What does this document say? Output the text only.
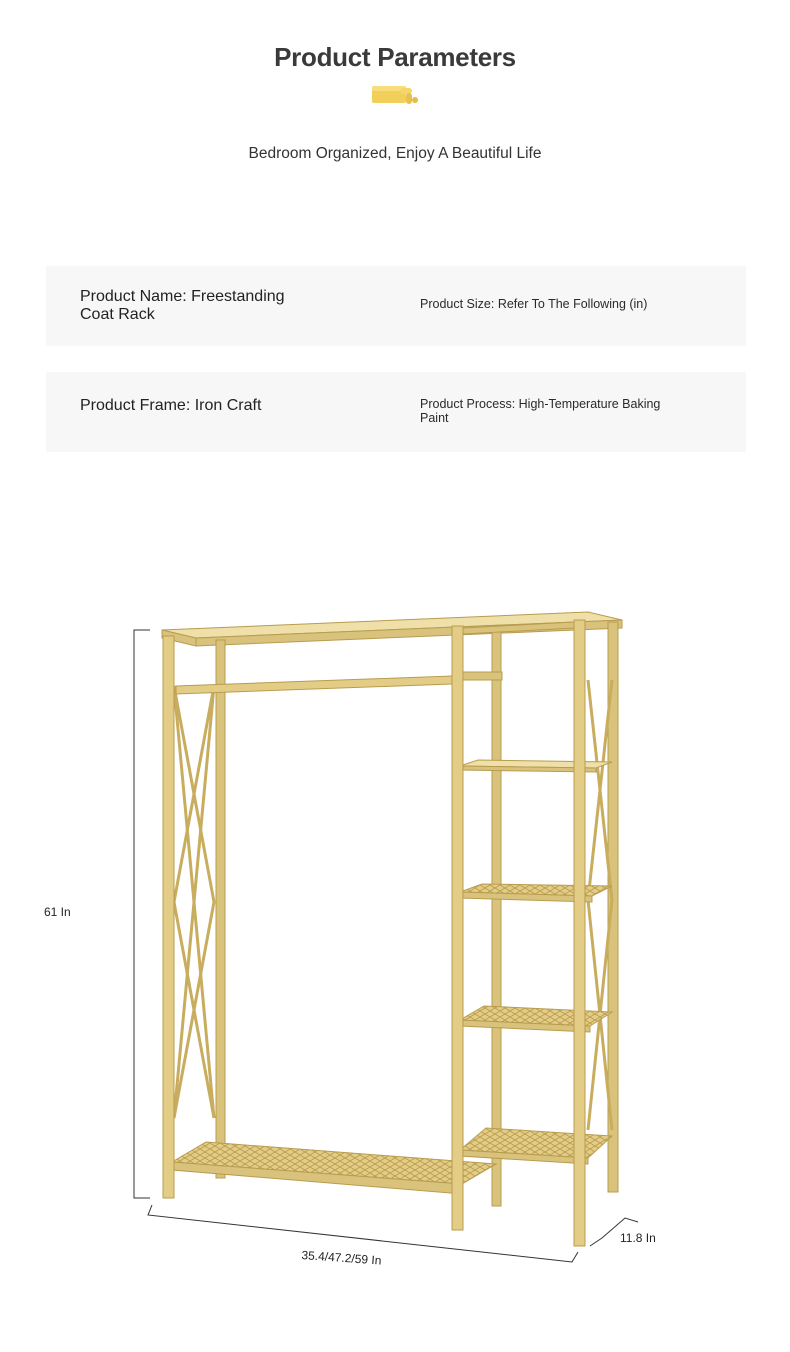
Product Parameters
Bedroom Organized, Enjoy A Beautiful Life
Product Name: Freestanding Coat Rack
Product Size: Refer To The Following (in)
Product Frame: Iron Craft	Product Process: High-Temperature Baking Paint
61 In
35.4/47.2/59 In
11.8 In
